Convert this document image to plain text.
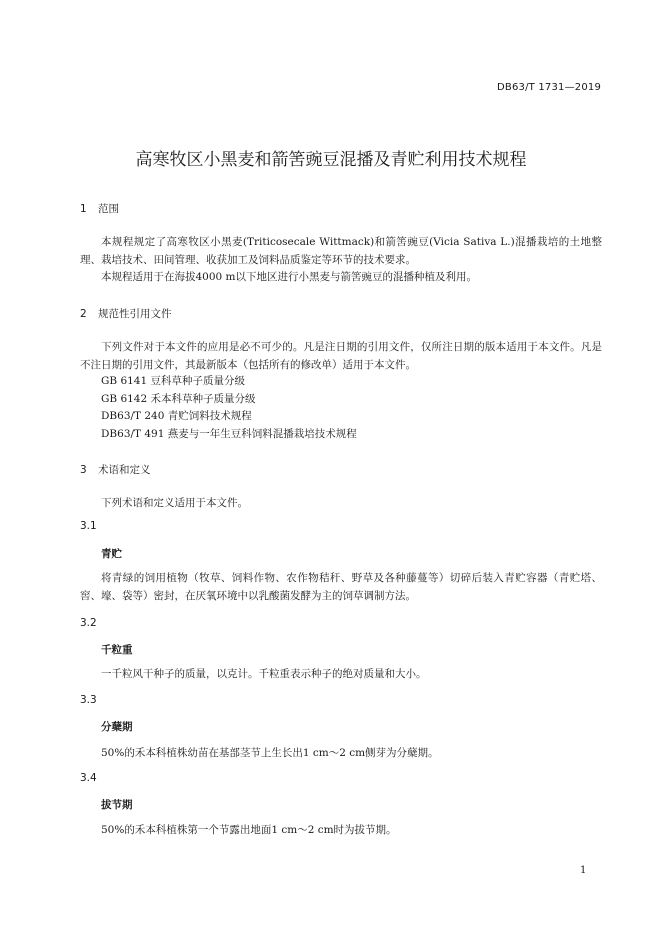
DB63/T 1731—2019
高寒牧区小黑麦和箭筈豌豆混播及青贮利用技术规程
1 范围
本规程规定了高寒牧区小黑麦(Triticosecale Wittmack)和箭筈豌豆(Vicia Sativa L.)混播栽培的土地整理、栽培技术、田间管理、收获加工及饲料品质鉴定等环节的技术要求。
本规程适用于在海拔4000 m以下地区进行小黑麦与箭筈豌豆的混播种植及利用。
2 规范性引用文件
下列文件对于本文件的应用是必不可少的。凡是注日期的引用文件，仅所注日期的版本适用于本文件。凡是不注日期的引用文件，其最新版本（包括所有的修改单）适用于本文件。
GB 6141 豆科草种子质量分级
GB 6142 禾本科草种子质量分级
DB63/T 240 青贮饲料技术规程
DB63/T 491 燕麦与一年生豆科饲料混播栽培技术规程
3 术语和定义
下列术语和定义适用于本文件。
3.1
青贮
将青绿的饲用植物（牧草、饲料作物、农作物秸秆、野草及各种藤蔓等）切碎后装入青贮容器（青贮塔、窖、壕、袋等）密封，在厌氧环境中以乳酸菌发酵为主的饲草调制方法。
3.2
千粒重
一千粒风干种子的质量，以克计。千粒重表示种子的绝对质量和大小。
3.3
分蘖期
50%的禾本科植株幼苗在基部茎节上生长出1 cm～2 cm侧芽为分蘖期。
3.4
拔节期
50%的禾本科植株第一个节露出地面1 cm～2 cm时为拔节期。
1
